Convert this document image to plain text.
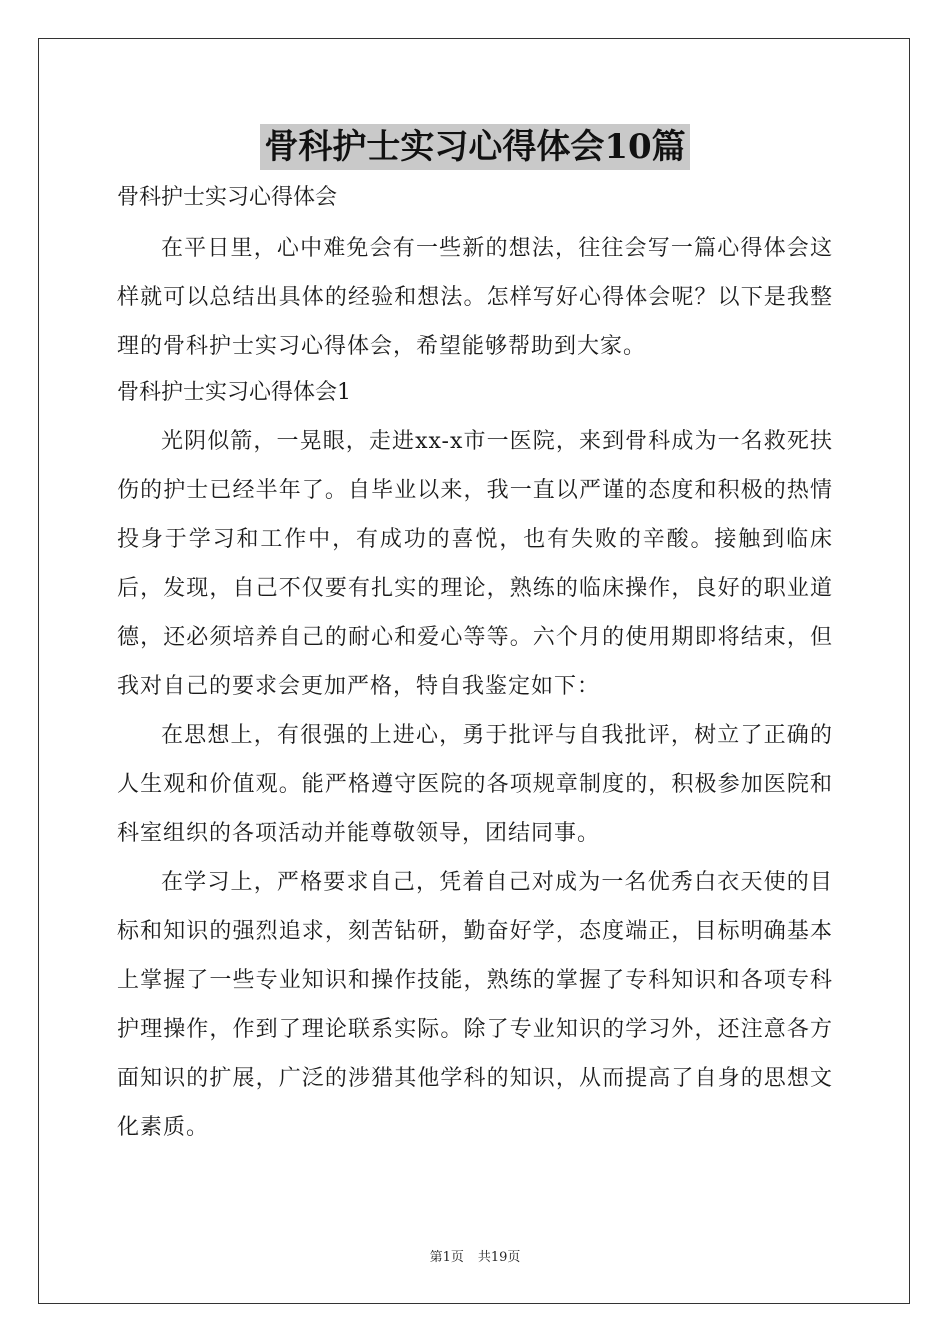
骨科护士实习心得体会10篇

骨科护士实习心得体会

在平日里，心中难免会有一些新的想法，往往会写一篇心得体会这样就可以总结出具体的经验和想法。怎样写好心得体会呢？以下是我整理的骨科护士实习心得体会，希望能够帮助到大家。

骨科护士实习心得体会1

光阴似箭，一晃眼，走进xx-x市一医院，来到骨科成为一名救死扶伤的护士已经半年了。自毕业以来，我一直以严谨的态度和积极的热情投身于学习和工作中，有成功的喜悦，也有失败的辛酸。接触到临床后，发现，自己不仅要有扎实的理论，熟练的临床操作，良好的职业道德，还必须培养自己的耐心和爱心等等。六个月的使用期即将结束，但我对自己的要求会更加严格，特自我鉴定如下：

在思想上，有很强的上进心，勇于批评与自我批评，树立了正确的人生观和价值观。能严格遵守医院的各项规章制度的，积极参加医院和科室组织的各项活动并能尊敬领导，团结同事。

在学习上，严格要求自己，凭着自己对成为一名优秀白衣天使的目标和知识的强烈追求，刻苦钻研，勤奋好学，态度端正，目标明确基本上掌握了一些专业知识和操作技能，熟练的掌握了专科知识和各项专科护理操作，作到了理论联系实际。除了专业知识的学习外，还注意各方面知识的扩展，广泛的涉猎其他学科的知识，从而提高了自身的思想文化素质。

第1页 共19页
